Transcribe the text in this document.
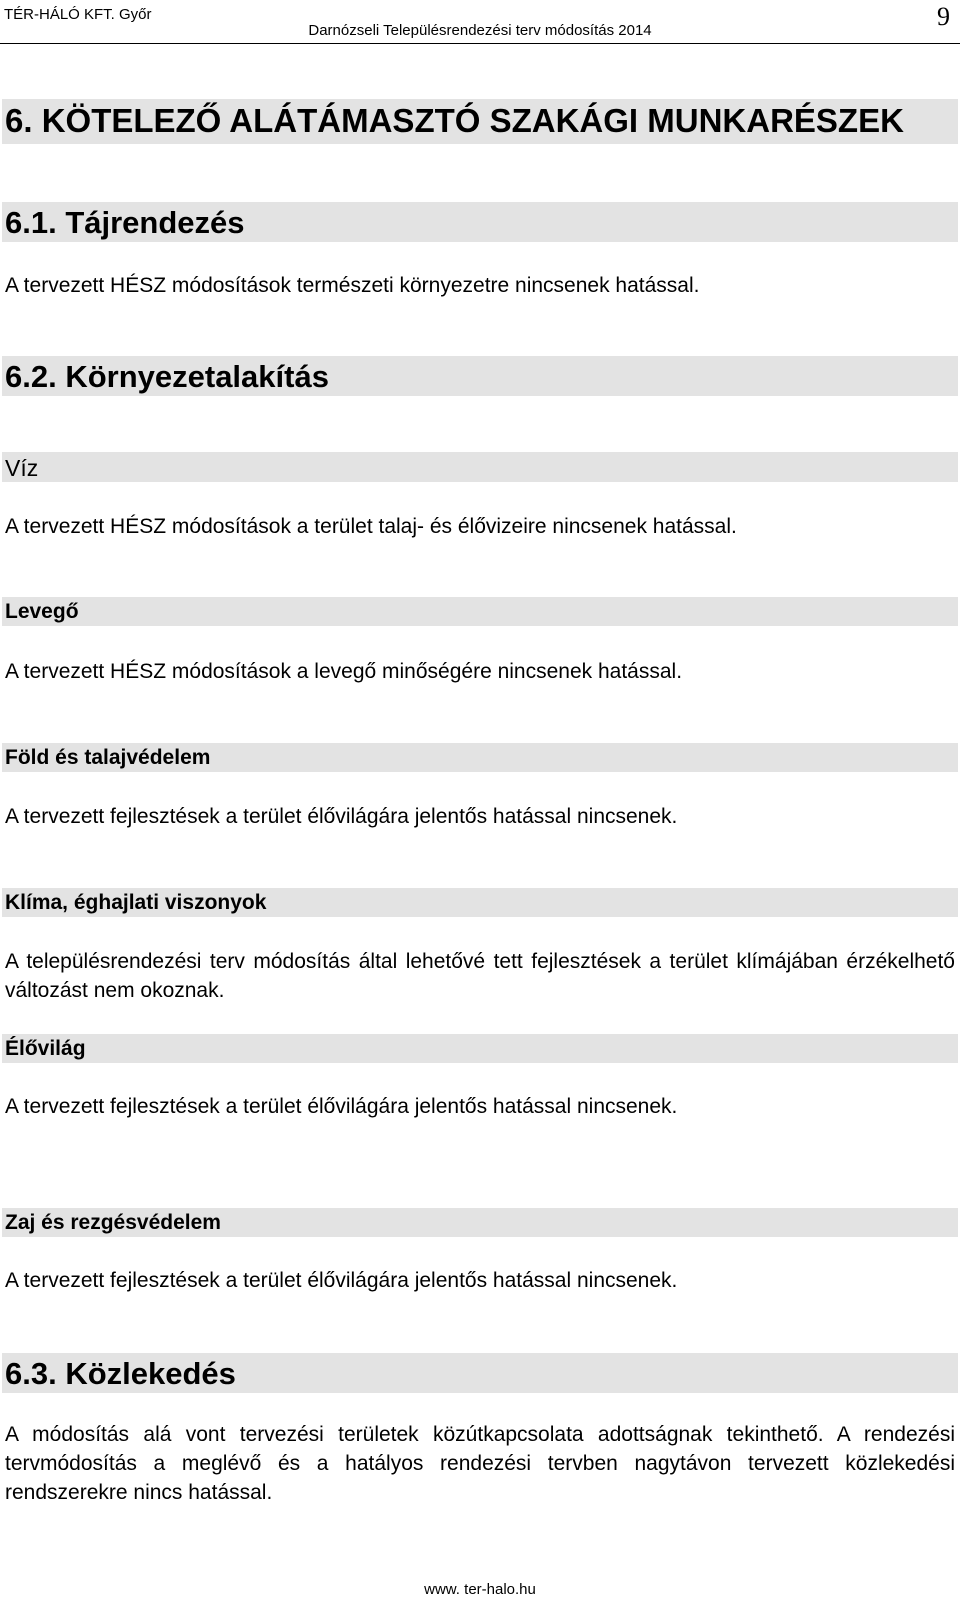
TÉR-HÁLÓ KFT. Győr
Darnózseli Településrendezési terv módosítás 2014	9
6. KÖTELEZŐ ALÁTÁMASZTÓ SZAKÁGI MUNKARÉSZEK
6.1. Tájrendezés
A tervezett HÉSZ módosítások természeti környezetre nincsenek hatással.
6.2. Környezetalakítás
Víz
A tervezett HÉSZ módosítások a terület talaj- és élővizeire nincsenek hatással.
Levegő
A tervezett HÉSZ módosítások a levegő minőségére nincsenek hatással.
Föld és talajvédelem
A tervezett fejlesztések a terület élővilágára jelentős hatással nincsenek.
Klíma, éghajlati viszonyok
A településrendezési terv módosítás által lehetővé tett fejlesztések a terület klímájában érzékelhető változást nem okoznak.
Élővilág
A tervezett fejlesztések a terület élővilágára jelentős hatással nincsenek.
Zaj és rezgésvédelem
A tervezett fejlesztések a terület élővilágára jelentős hatással nincsenek.
6.3. Közlekedés
A módosítás alá vont tervezési területek közútkapcsolata adottságnak tekinthető. A rendezési tervmódosítás a meglévő és a hatályos rendezési tervben nagytávon tervezett közlekedési rendszerekre nincs hatással.
www. ter-halo.hu
